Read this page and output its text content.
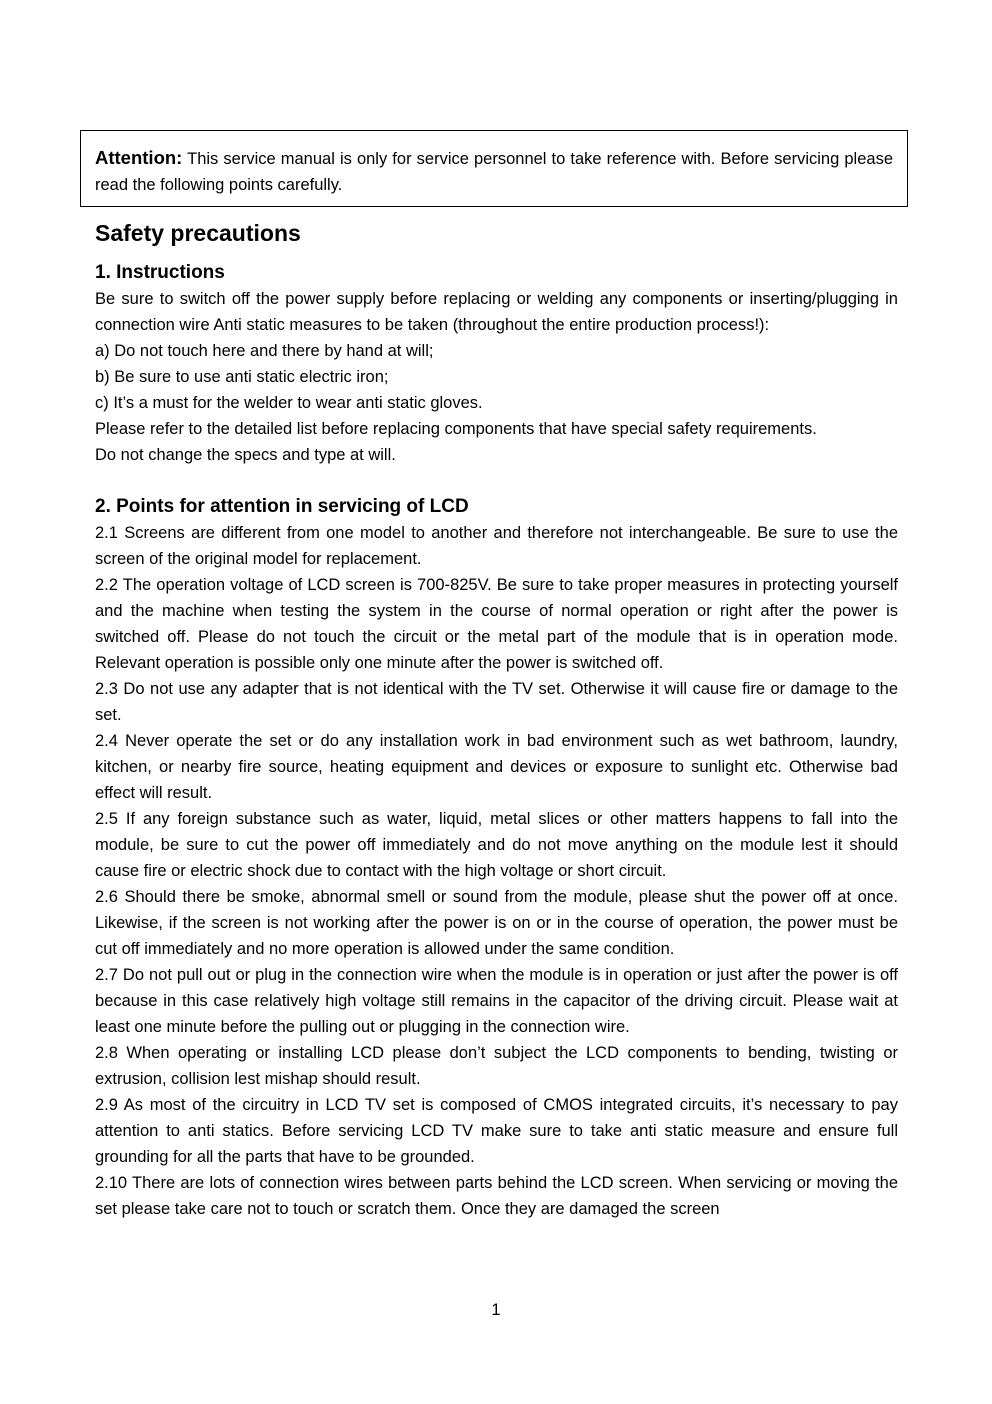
Attention: This service manual is only for service personnel to take reference with. Before servicing please read the following points carefully.
Safety precautions
1. Instructions

Be sure to switch off the power supply before replacing or welding any components or inserting/plugging in connection wire Anti static measures to be taken (throughout the entire production process!):

a) Do not touch here and there by hand at will;

b) Be sure to use anti static electric iron;

c) It’s a must for the welder to wear anti static gloves.

Please refer to the detailed list before replacing components that have special safety requirements.

Do not change the specs and type at will.

2. Points for attention in servicing of LCD

2.1 Screens are different from one model to another and therefore not interchangeable. Be sure to use the screen of the original model for replacement.

2.2 The operation voltage of LCD screen is 700-825V. Be sure to take proper measures in protecting yourself and the machine when testing the system in the course of normal operation or right after the power is switched off. Please do not touch the circuit or the metal part of the module that is in operation mode. Relevant operation is possible only one minute after the power is switched off.

2.3 Do not use any adapter that is not identical with the TV set. Otherwise it will cause fire or damage to the set.

2.4 Never operate the set or do any installation work in bad environment such as wet bathroom, laundry, kitchen, or nearby fire source, heating equipment and devices or exposure to sunlight etc. Otherwise bad effect will result.

2.5 If any foreign substance such as water, liquid, metal slices or other matters happens to fall into the module, be sure to cut the power off immediately and do not move anything on the module lest it should cause fire or electric shock due to contact with the high voltage or short circuit.

2.6 Should there be smoke, abnormal smell or sound from the module, please shut the power off at once. Likewise, if the screen is not working after the power is on or in the course of operation, the power must be cut off immediately and no more operation is allowed under the same condition.

2.7 Do not pull out or plug in the connection wire when the module is in operation or just after the power is off because in this case relatively high voltage still remains in the capacitor of the driving circuit. Please wait at least one minute before the pulling out or plugging in the connection wire.

2.8 When operating or installing LCD please don’t subject the LCD components to bending, twisting or extrusion, collision lest mishap should result.

2.9 As most of the circuitry in LCD TV set is composed of CMOS integrated circuits, it’s necessary to pay attention to anti statics. Before servicing LCD TV make sure to take anti static measure and ensure full grounding for all the parts that have to be grounded.

2.10 There are lots of connection wires between parts behind the LCD screen. When servicing or moving the set please take care not to touch or scratch them. Once they are damaged the screen

1
